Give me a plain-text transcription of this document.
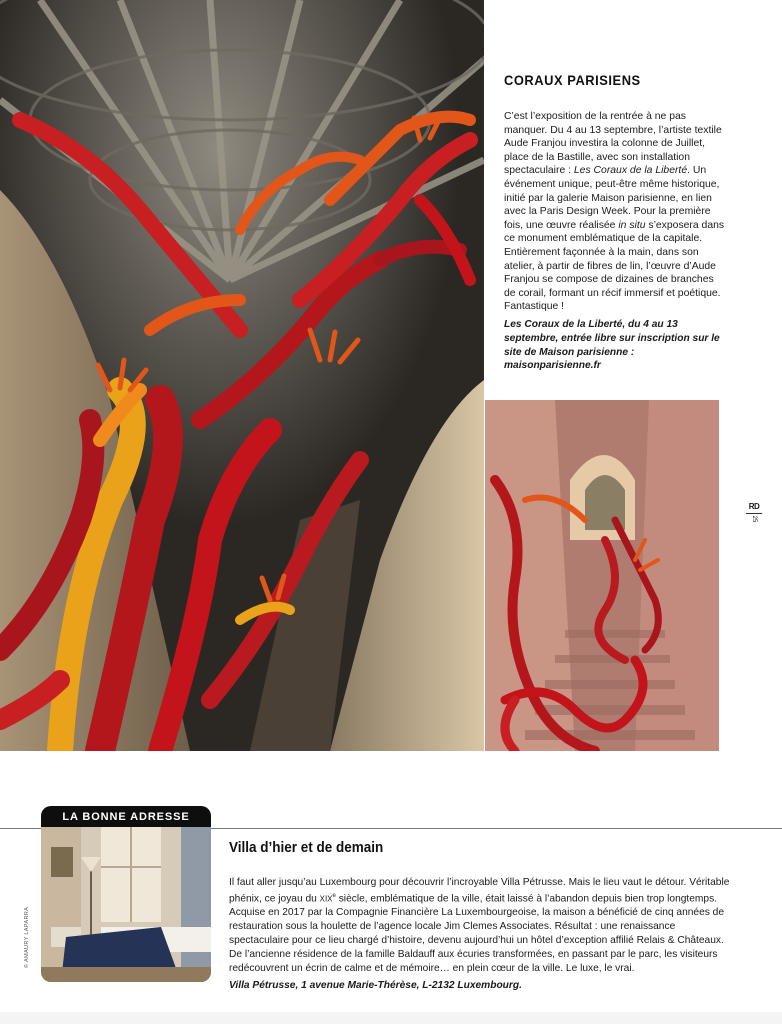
CORAUX PARISIENS

C’est l’exposition de la rentrée à ne pas manquer. Du 4 au 13 septembre, l’artiste textile Aude Franjou investira la colonne de Juillet, place de la Bastille, avec son installation spectaculaire : Les Coraux de la Liberté. Un événement unique, peut-être même historique, initié par la galerie Maison parisienne, en lien avec la Paris Design Week. Pour la première fois, une œuvre réalisée in situ s’exposera dans ce monument emblématique de la capitale. Entièrement façonnée à la main, dans son atelier, à partir de fibres de lin, l’œuvre d’Aude Franjou se compose de dizaines de branches de corail, formant un récif immersif et poétique. Fantastique !

Les Coraux de la Liberté, du 4 au 13 septembre, entrée libre sur inscription sur le site de Maison parisienne : maisonparisienne.fr

RD
25
LA BONNE ADRESSE
© AMAURY LAPARRA
Villa d’hier et de demain

Il faut aller jusqu’au Luxembourg pour découvrir l’incroyable Villa Pétrusse. Mais le lieu vaut le détour. Véritable phénix, ce joyau du XIXe siècle, emblématique de la ville, était laissé à l’abandon depuis bien trop longtemps. Acquise en 2017 par la Compagnie Financière La Luxembourgeoise, la maison a bénéficié de cinq années de restauration sous la houlette de l’agence locale Jim Clemes Associates. Résultat : une renaissance spectaculaire pour ce lieu chargé d’histoire, devenu aujourd’hui un hôtel d’exception affilié Relais & Châteaux.
De l’ancienne résidence de la famille Baldauff aux écuries transformées, en passant par le parc, les visiteurs redécouvrent un écrin de calme et de mémoire… en plein cœur de la ville. Le luxe, le vrai.

Villa Pétrusse, 1 avenue Marie-Thérèse, L-2132 Luxembourg.
